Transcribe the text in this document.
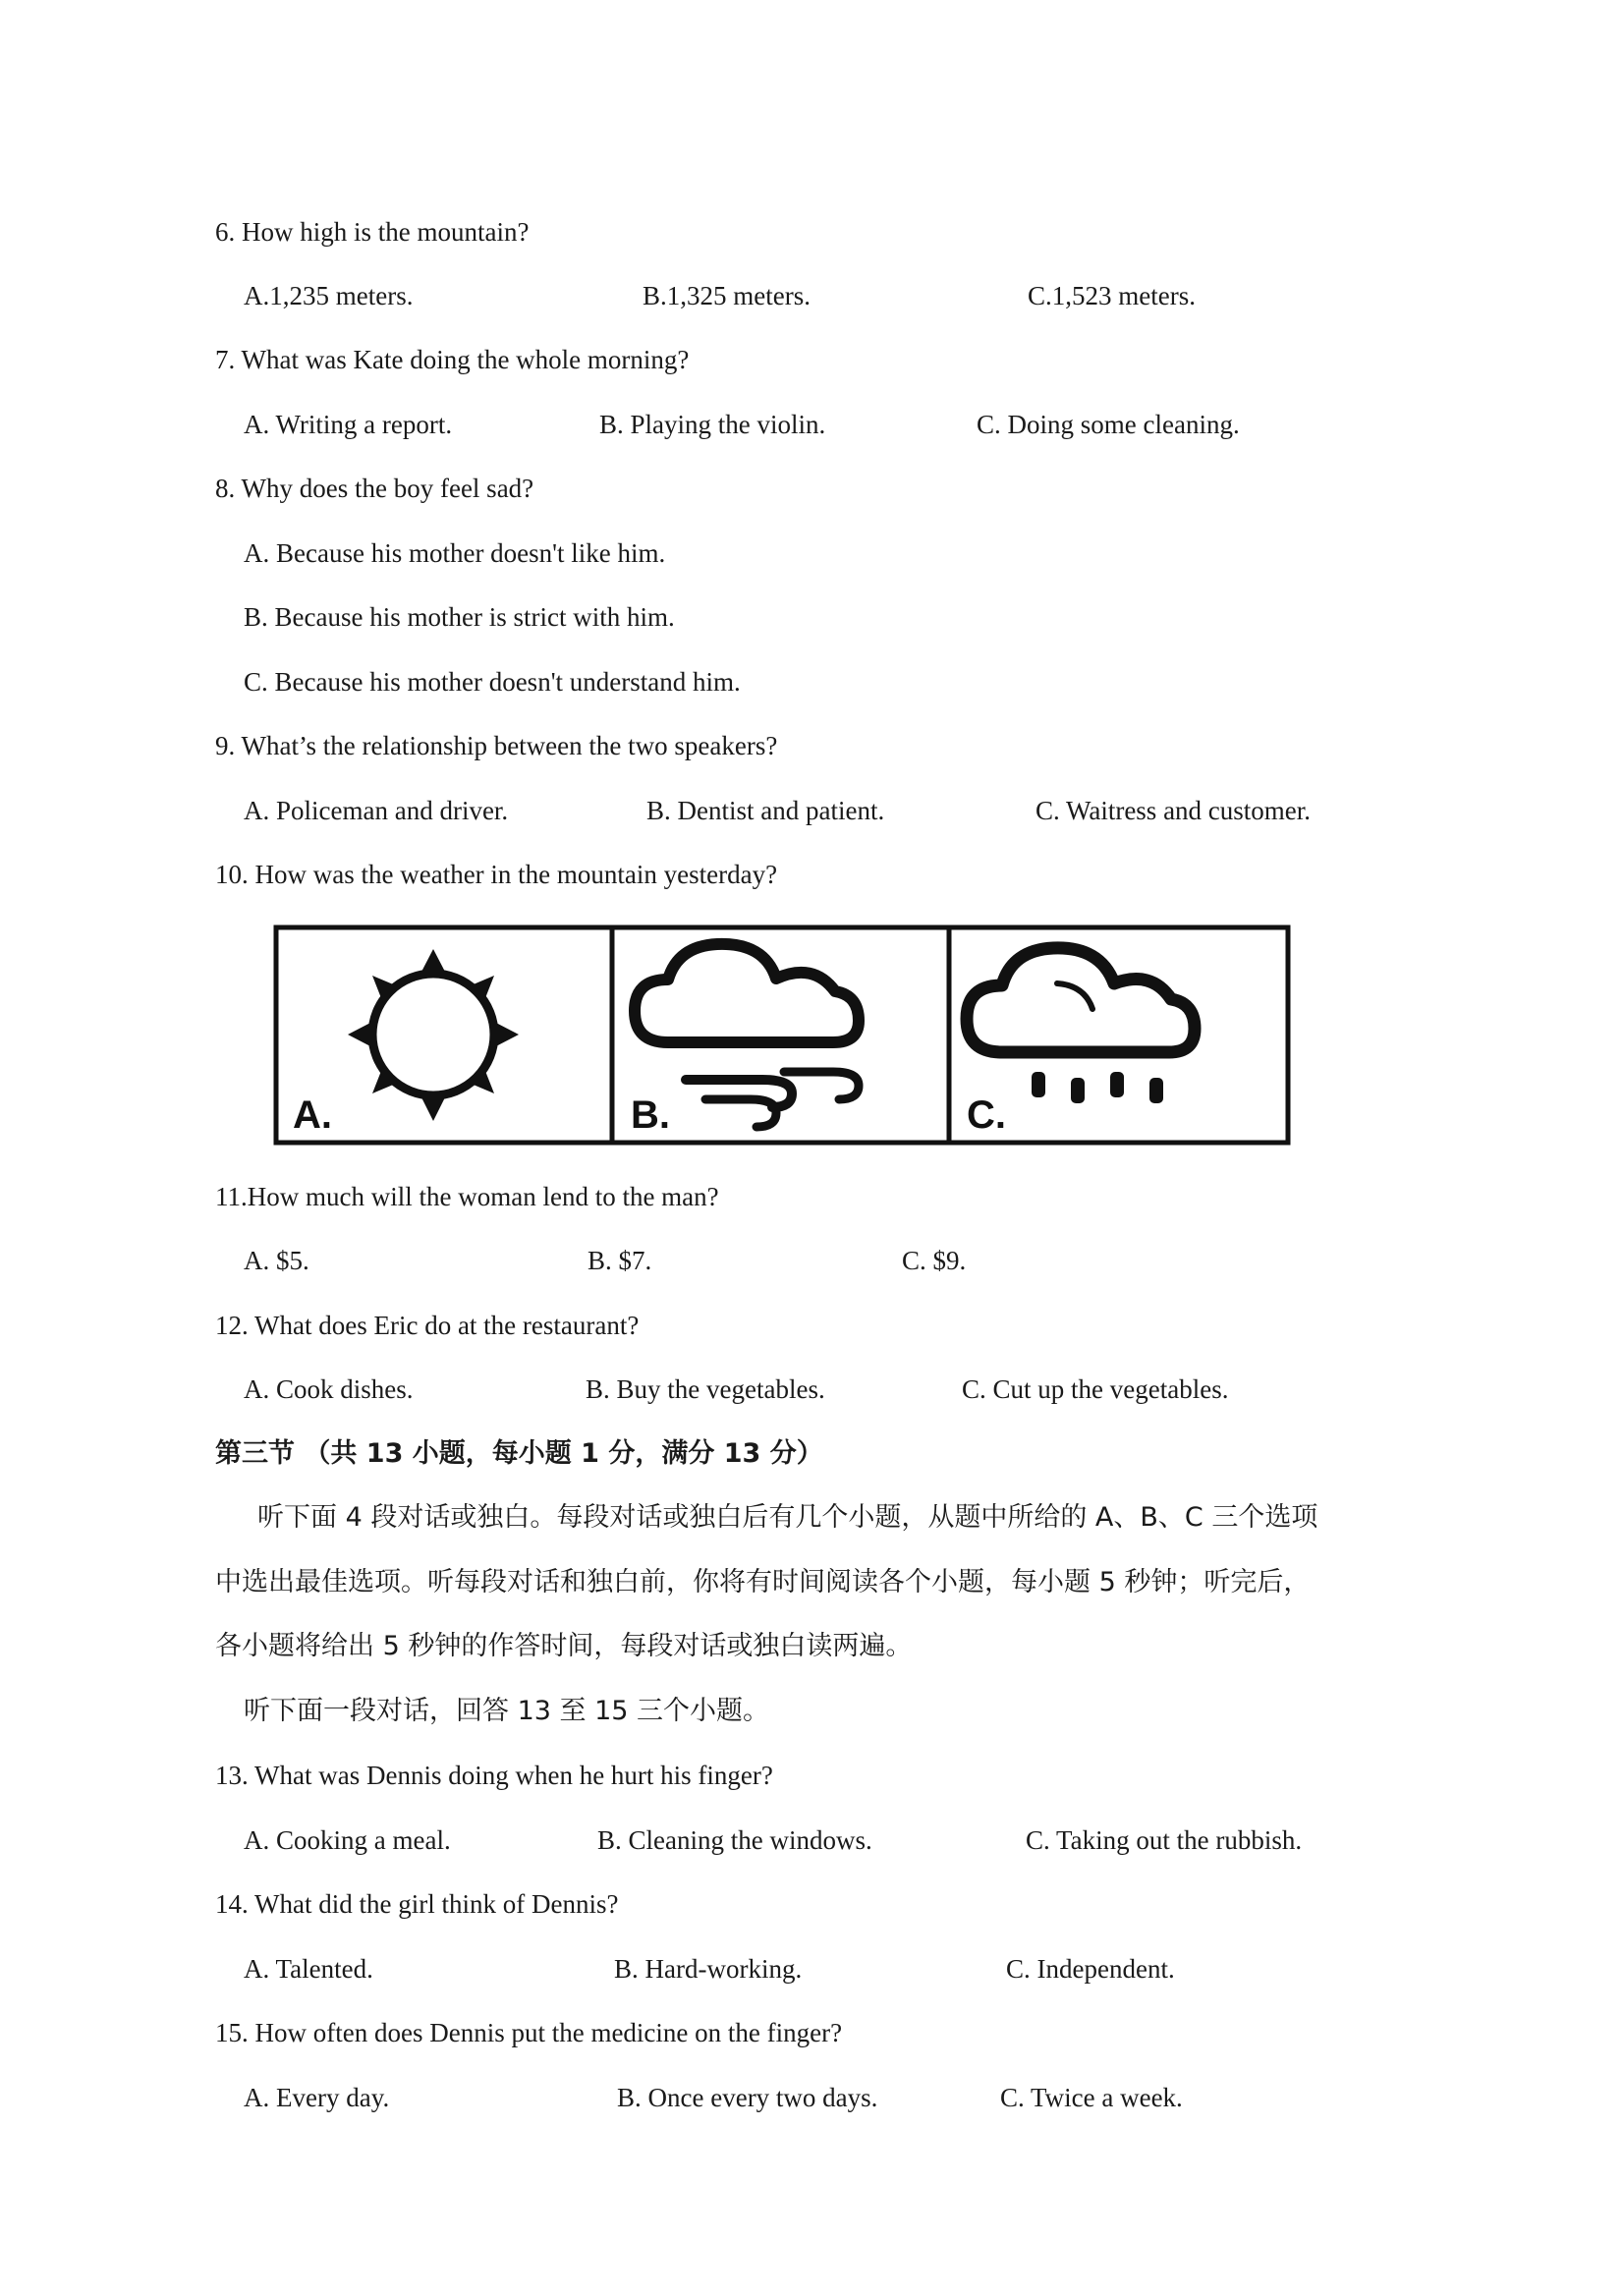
6. How high is the mountain?
A.1,235 meters.	B.1,325 meters.	C.1,523 meters.
7. What was Kate doing the whole morning?
A. Writing a report.	B. Playing the violin.	C. Doing some cleaning.
8. Why does the boy feel sad?
A. Because his mother doesn't like him.
B. Because his mother is strict with him.
C. Because his mother doesn't understand him.
9. What’s the relationship between the two speakers?
A. Policeman and driver.	B. Dentist and patient.	C. Waitress and customer.
10. How was the weather in the mountain yesterday?
A.	B.	C.
11.How much will the woman lend to the man?
A. $5.	B. $7.	C. $9.
12. What does Eric do at the restaurant?
A. Cook dishes.	B. Buy the vegetables.	C. Cut up the vegetables.
第三节 （共 13 小题，每小题 1 分，满分 13 分）
听下面 4 段对话或独白。每段对话或独白后有几个小题，从题中所给的 A、B、C 三个选项
中选出最佳选项。听每段对话和独白前，你将有时间阅读各个小题，每小题 5 秒钟；听完后，
各小题将给出 5 秒钟的作答时间，每段对话或独白读两遍。
听下面一段对话，回答 13 至 15 三个小题。
13. What was Dennis doing when he hurt his finger?
A. Cooking a meal.	B. Cleaning the windows.	C. Taking out the rubbish.
14. What did the girl think of Dennis?
A. Talented.	B. Hard-working.	C. Independent.
15. How often does Dennis put the medicine on the finger?
A. Every day.	B. Once every two days.	C. Twice a week.
